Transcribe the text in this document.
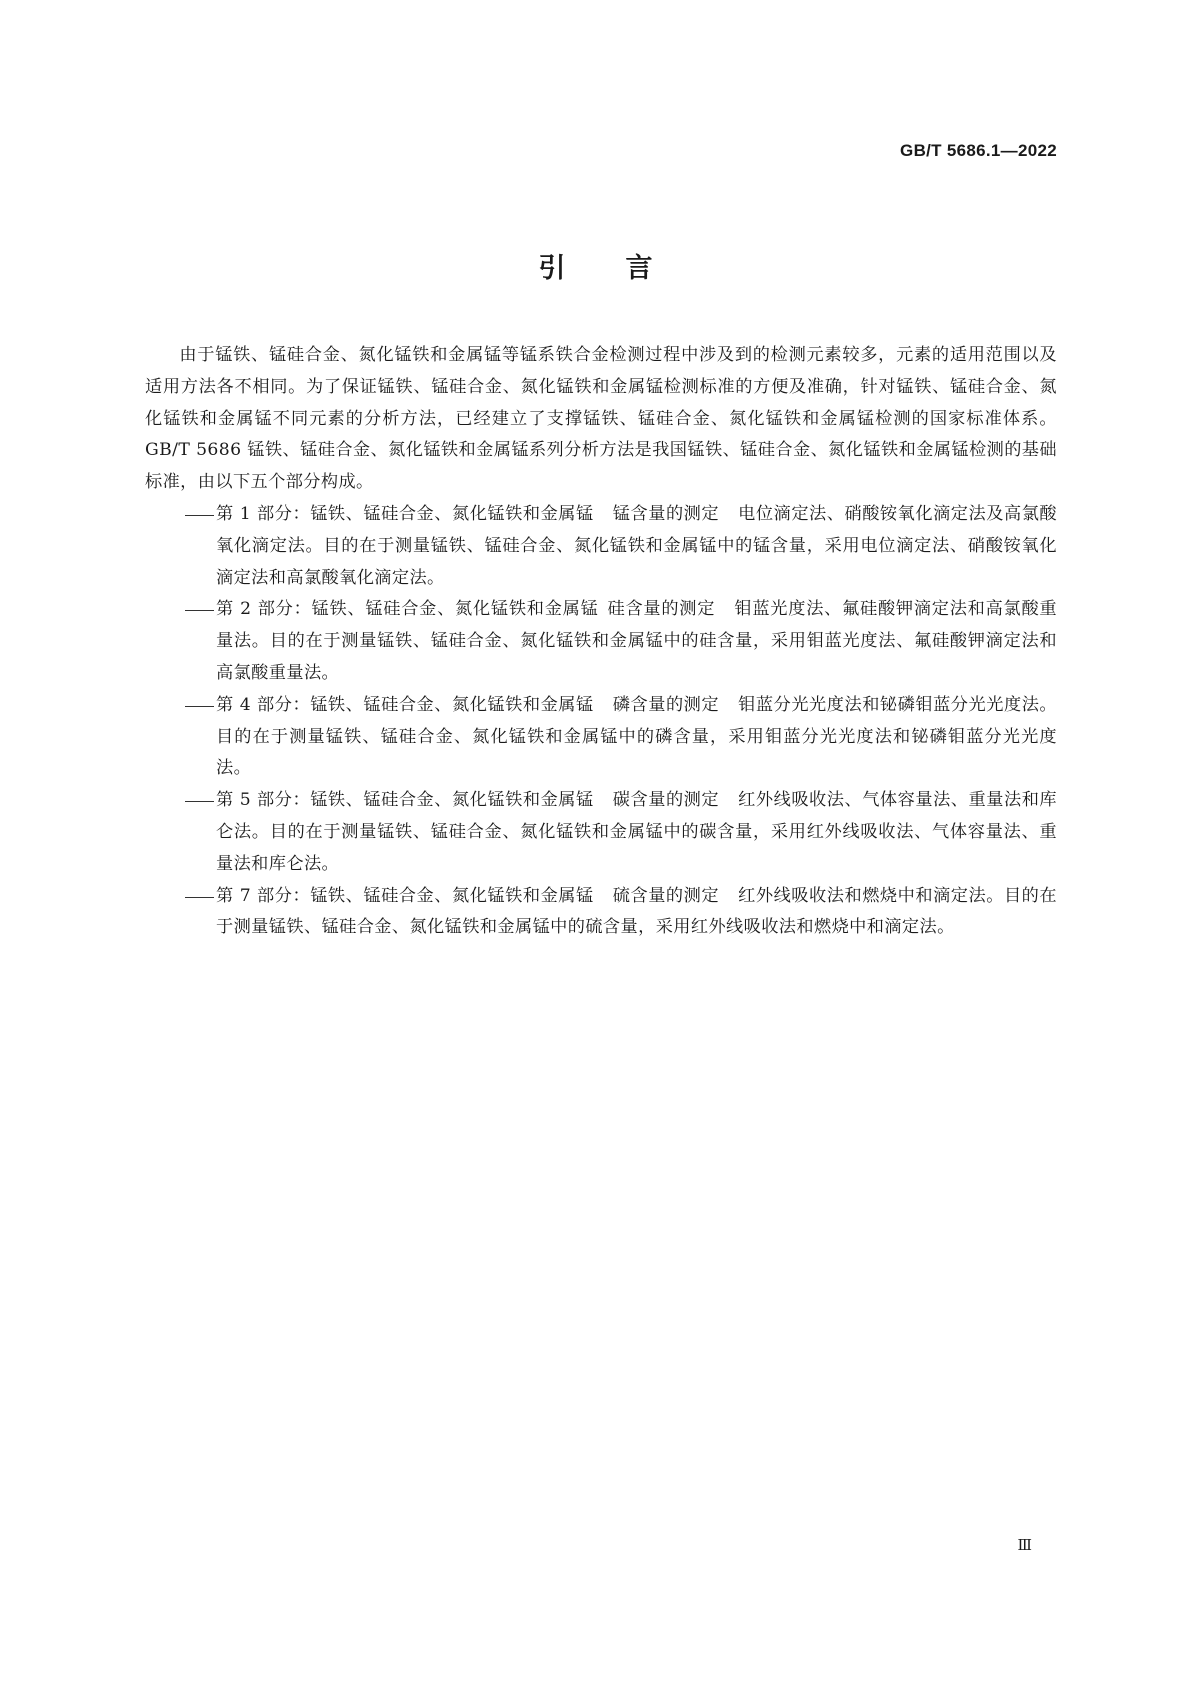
GB/T 5686.1—2022
引言

由于锰铁、锰硅合金、氮化锰铁和金属锰等锰系铁合金检测过程中涉及到的检测元素较多，元素的适用范围以及适用方法各不相同。为了保证锰铁、锰硅合金、氮化锰铁和金属锰检测标准的方便及准确，针对锰铁、锰硅合金、氮化锰铁和金属锰不同元素的分析方法，已经建立了支撑锰铁、锰硅合金、氮化锰铁和金属锰检测的国家标准体系。GB/T 5686 锰铁、锰硅合金、氮化锰铁和金属锰系列分析方法是我国锰铁、锰硅合金、氮化锰铁和金属锰检测的基础标准，由以下五个部分构成。

第 1 部分：锰铁、锰硅合金、氮化锰铁和金属锰 锰含量的测定 电位滴定法、硝酸铵氧化滴定法及高氯酸氧化滴定法。目的在于测量锰铁、锰硅合金、氮化锰铁和金属锰中的锰含量，采用电位滴定法、硝酸铵氧化滴定法和高氯酸氧化滴定法。

第 2 部分：锰铁、锰硅合金、氮化锰铁和金属锰 硅含量的测定 钼蓝光度法、氟硅酸钾滴定法和高氯酸重量法。目的在于测量锰铁、锰硅合金、氮化锰铁和金属锰中的硅含量，采用钼蓝光度法、氟硅酸钾滴定法和高氯酸重量法。

第 4 部分：锰铁、锰硅合金、氮化锰铁和金属锰 磷含量的测定 钼蓝分光光度法和铋磷钼蓝分光光度法。目的在于测量锰铁、锰硅合金、氮化锰铁和金属锰中的磷含量，采用钼蓝分光光度法和铋磷钼蓝分光光度法。

第 5 部分：锰铁、锰硅合金、氮化锰铁和金属锰 碳含量的测定 红外线吸收法、气体容量法、重量法和库仑法。目的在于测量锰铁、锰硅合金、氮化锰铁和金属锰中的碳含量，采用红外线吸收法、气体容量法、重量法和库仑法。

第 7 部分：锰铁、锰硅合金、氮化锰铁和金属锰 硫含量的测定 红外线吸收法和燃烧中和滴定法。目的在于测量锰铁、锰硅合金、氮化锰铁和金属锰中的硫含量，采用红外线吸收法和燃烧中和滴定法。

Ⅲ
